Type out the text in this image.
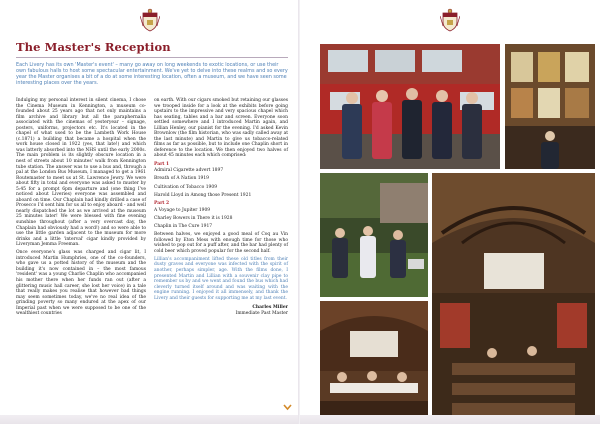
The Master's Reception
Each Livery has its own 'Master's event' – many go away on long weekends to exotic locations, or use their own fabulous halls to host some spectacular entertainment. We've yet to delve into these realms and so every year the Master organises a bit of a do at some interesting location, often a museum, and we have seen some interesting places over the years.

Indulging my personal interest in silent cinema, I chose the Cinema Museum in Kennington, a museum co-founded about 25 years ago that not only maintains a film archive and library but all the paraphernalia associated with the cinemas of yesteryear – signage, posters, uniforms, projectors etc. It's located in the chapel of what used to be the Lambeth Work House (c.1871) a building that became a hospital when the work house closed in 1922 (yes, that late!) and which was latterly absorbed into the NHS until the early 2000s. The main problem is its slightly obscure location in a nest of streets about 10 minutes' walk from Kennington tube station. The answer was to use a bus and, through a pal at the London Bus Museum, I managed to get a 1961 Routemaster to meet us at St. Lawrence Jewry. We were about fifty in total and everyone was asked to muster by 5:45 for a prompt 6pm departure and (one thing I've noticed about Liveries) everyone was assembled and aboard on time. Our Chaplain had kindly drilled a case of Prosecco I'd sent him for us all to enjoy aboard - and well nearly dispatched the lot as we arrived at the museum 25 minutes later! We were blessed with fine evening sunshine throughout (after a very overcast day, the Chaplain had obviously had a word!) and so were able to use the little garden adjacent to the museum for more drinks and a little 'interval' cigar kindly provided by Liveryman Jemma Freeman.

Once everyone's glass was charged and cigar lit, I introduced Martin Humphries, one of the co-founders, who gave us a potted history of the museum and the building it's now contained in – the most famous 'resident' was a young Charlie Chaplin who accompanied his mother there when her funds ran out (after a glittering music hall career, she lost her voice) in a tale that really makes you realise that however bad things may seem sometimes today, we've no real idea of the grinding poverty so many endured at the apex of our Imperial past when we were supposed to be one of the wealthiest countries

on earth. With our cigars smoked but retaining our glasses we trooped inside for a look at the exhibits before going upstairs to the impressive and very spacious chapel which has seating, tables and a bar and screen. Everyone soon settled somewhere and I introduced Martin again, and Lillian Henley, our pianist for the evening. I'd asked Kevin Brownlow (the film historian, who was sadly called away at the last minute) and Martin to give us tobacco-related films as far as possible, but to include one Chaplin short in deference to the location. We then enjoyed two halves of about 45 minutes each which comprised:

Part 1
Admiral Cigarette advert 1897
Breath of A Nation 1919
Cultivation of Tobacco 1909
Harold Lloyd in Among those Present 1921
Part 2
A Voyage to Jupiter 1909
Charley Bowers in There it is 1928
Chaplin in The Cure 1917

Between halves, we enjoyed a good meal of Coq au Vin followed by Eton Mess with enough time for those who wished to pop out for a puff after, and the bar had plenty of cold beer which proved popular for the second half.

Lillian's accompaniment lifted these old titles from their dusty graves and everyone was infected with the spirit of another, perhaps simpler, age. With the films done, I presented Martin and Lillian with a souvenir clay pipe to remember us by and we went and found the bus which had cleverly turned itself around and was waiting with the engine running. I enjoyed it all immensely, and thank the Livery and their guests for supporting me at my last event.

Charles Miller
Immediate Past Master
